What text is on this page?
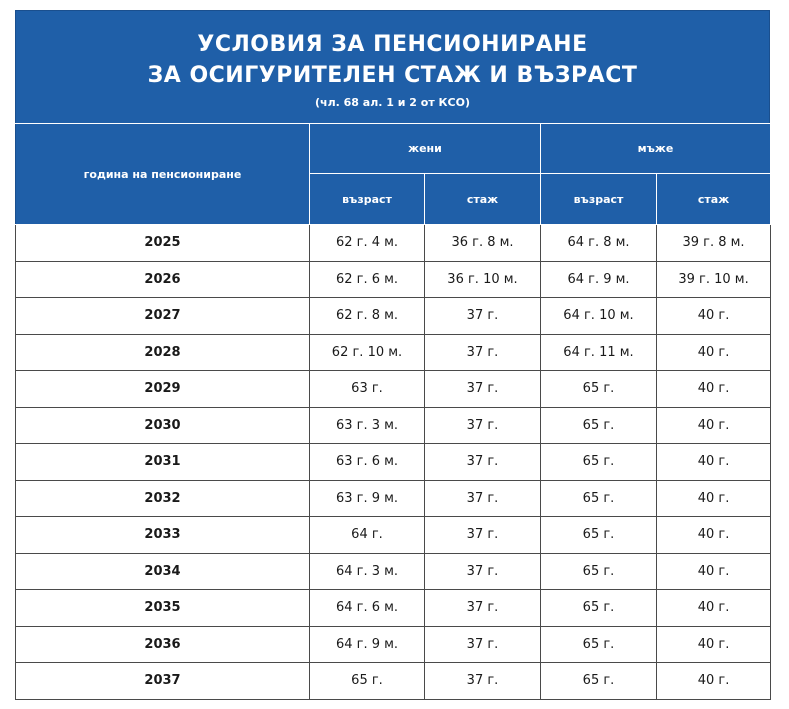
УСЛОВИЯ ЗА ПЕНСИОНИРАНЕ
ЗА ОСИГУРИТЕЛЕН СТАЖ И ВЪЗРАСТ
(чл. 68 ал. 1 и 2 от КСО)
година на пенсиониране	жени		мъже	
	възраст	стаж	възраст	стаж
2025	62 г. 4 м.	36 г. 8 м.	64 г. 8 м.	39 г. 8 м.
2026	62 г. 6 м.	36 г. 10 м.	64 г. 9 м.	39 г. 10 м.
2027	62 г. 8 м.	37 г.	64 г. 10 м.	40 г.
2028	62 г. 10 м.	37 г.	64 г. 11 м.	40 г.
2029	63 г.	37 г.	65 г.	40 г.
2030	63 г. 3 м.	37 г.	65 г.	40 г.
2031	63 г. 6 м.	37 г.	65 г.	40 г.
2032	63 г. 9 м.	37 г.	65 г.	40 г.
2033	64 г.	37 г.	65 г.	40 г.
2034	64 г. 3 м.	37 г.	65 г.	40 г.
2035	64 г. 6 м.	37 г.	65 г.	40 г.
2036	64 г. 9 м.	37 г.	65 г.	40 г.
2037	65 г.	37 г.	65 г.	40 г.
